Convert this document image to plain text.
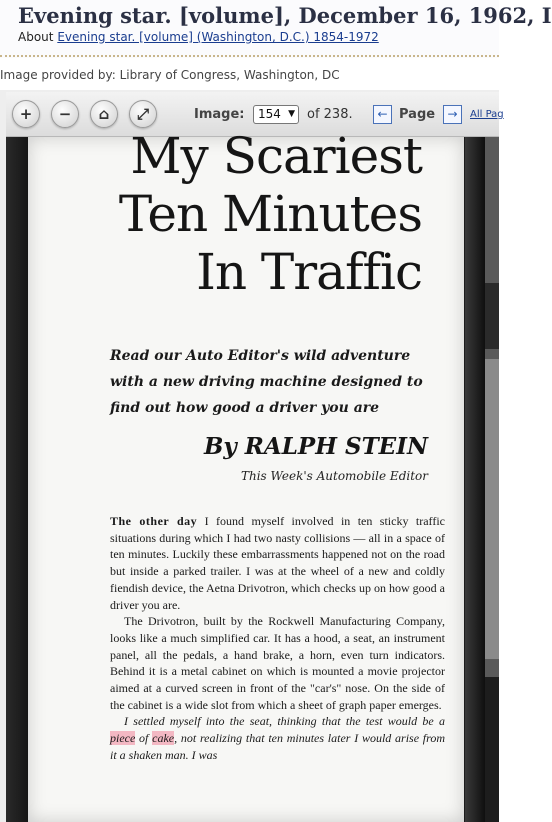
Evening star. [volume], December 16, 1962, I
About Evening star. [volume] (Washington, D.C.) 1854-1972
Image provided by: Library of Congress, Washington, DC
+ − ⌂ ⤢	Image:	154 ▼ of 238.	← Page	→	All Pag
My Scariest
Ten Minutes
In Traffic
Read our Auto Editor's wild adventure
with a new driving machine designed to
find out how good a driver you are
By RALPH STEIN
This Week's Automobile Editor

The other day I found myself involved in ten sticky traffic situations during which I had two nasty collisions — all in a space of ten minutes. Luckily these embarrassments happened not on the road but inside a parked trailer. I was at the wheel of a new and coldly fiendish device, the Aetna Drivotron, which checks up on how good a driver you are.

The Drivotron, built by the Rockwell Manufacturing Company, looks like a much simplified car. It has a hood, a seat, an instrument panel, all the pedals, a hand brake, a horn, even turn indicators. Behind it is a metal cabinet on which is mounted a movie projector aimed at a curved screen in front of the "car's" nose. On the side of the cabinet is a wide slot from which a sheet of graph paper emerges.

I settled myself into the seat, thinking that the test would be a piece of cake, not realizing that ten minutes later I would arise from it a shaken man. I was
